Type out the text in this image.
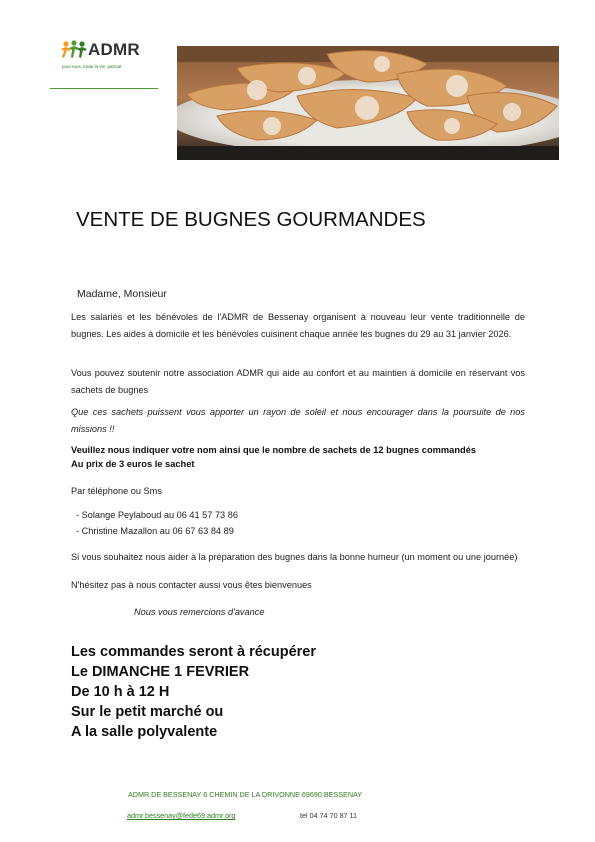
ADMR
pour tous, toute la vie, partout
VENTE DE BUGNES GOURMANDES
Madame, Monsieur
Les salariés et les bénévoles de l'ADMR de Bessenay organisent à nouveau leur vente traditionnelle de bugnes. Les aides à domicile et les bénévoles cuisinent chaque année les bugnes du 29 au 31 janvier 2026.
Vous pouvez soutenir notre association ADMR qui aide au confort et au maintien à domicile en réservant vos sachets de bugnes
Que ces sachets puissent vous apporter un rayon de soleil et nous encourager dans la poursuite de nos missions !!
Veuillez nous indiquer votre nom ainsi que le nombre de sachets de 12 bugnes commandés
Au prix de 3 euros le sachet
Par téléphone ou Sms
- Solange Peylaboud au 06 41 57 73 86
- Christine Mazallon au 06 67 63 84 89
Si vous souhaitez nous aider à la préparation des bugnes dans la bonne humeur (un moment ou une journée)
N'hésitez pas à nous contacter aussi vous êtes bienvenues
Nous vous remercions d'avance
Les commandes seront à récupérer
Le DIMANCHE 1 FEVRIER
De 10 h à 12 H
Sur le petit marché ou
A la salle polyvalente
ADMR DE BESSENAY 6 CHEMIN DE LA DRIVONNE 69690 BESSENAY
admr.bessenay@fede69.admr.org	tel 04 74 70 87 11
